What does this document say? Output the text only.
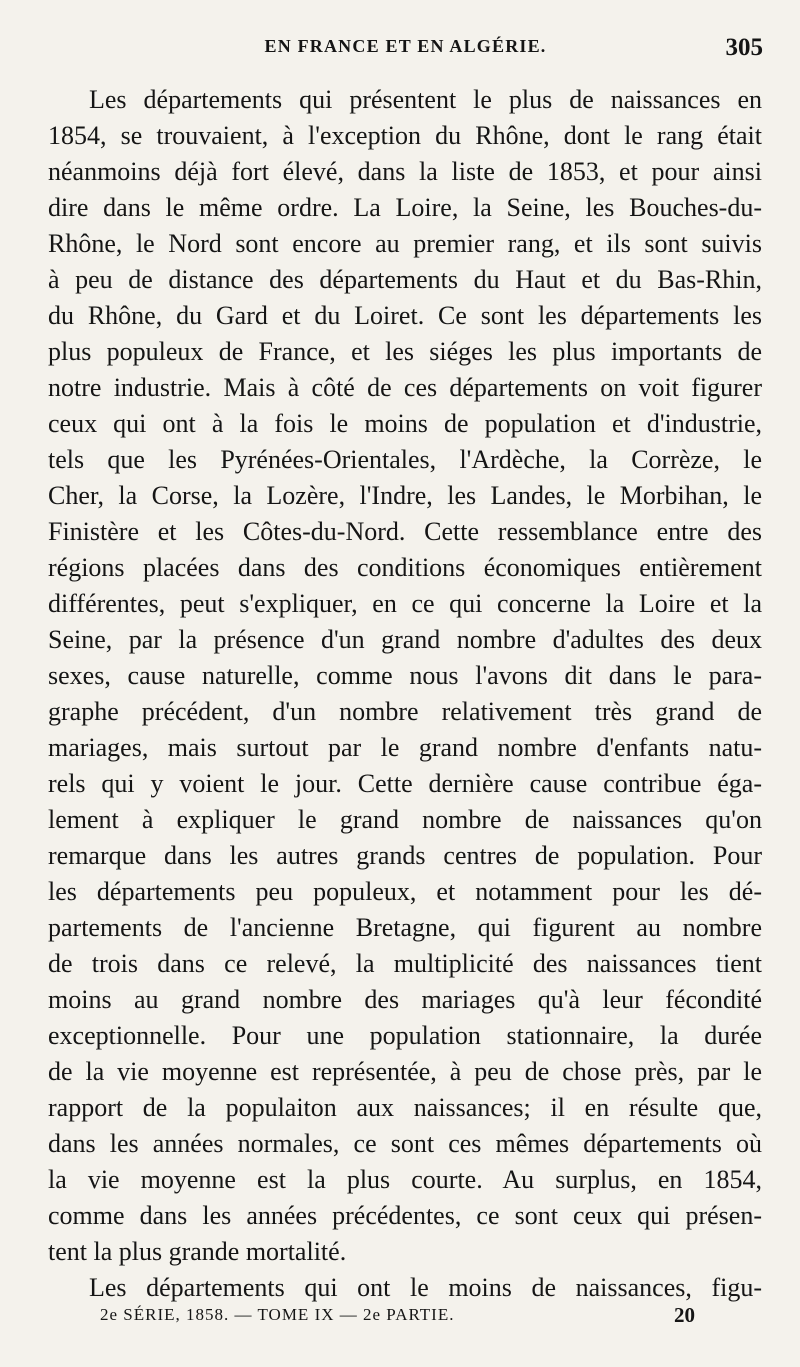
EN FRANCE ET EN ALGÉRIE.	305
Les départements qui présentent le plus de naissances en
1854, se trouvaient, à l'exception du Rhône, dont le rang était
néanmoins déjà fort élevé, dans la liste de 1853, et pour ainsi
dire dans le même ordre. La Loire, la Seine, les Bouches-du-
Rhône, le Nord sont encore au premier rang, et ils sont suivis
à peu de distance des départements du Haut et du Bas-Rhin,
du Rhône, du Gard et du Loiret. Ce sont les départements les
plus populeux de France, et les siéges les plus importants de
notre industrie. Mais à côté de ces départements on voit figurer
ceux qui ont à la fois le moins de population et d'industrie,
tels que les Pyrénées-Orientales, l'Ardèche, la Corrèze, le
Cher, la Corse, la Lozère, l'Indre, les Landes, le Morbihan, le
Finistère et les Côtes-du-Nord. Cette ressemblance entre des
régions placées dans des conditions économiques entièrement
différentes, peut s'expliquer, en ce qui concerne la Loire et la
Seine, par la présence d'un grand nombre d'adultes des deux
sexes, cause naturelle, comme nous l'avons dit dans le para-
graphe précédent, d'un nombre relativement très grand de
mariages, mais surtout par le grand nombre d'enfants natu-
rels qui y voient le jour. Cette dernière cause contribue éga-
lement à expliquer le grand nombre de naissances qu'on
remarque dans les autres grands centres de population. Pour
les départements peu populeux, et notamment pour les dé-
partements de l'ancienne Bretagne, qui figurent au nombre
de trois dans ce relevé, la multiplicité des naissances tient
moins au grand nombre des mariages qu'à leur fécondité
exceptionnelle. Pour une population stationnaire, la durée
de la vie moyenne est représentée, à peu de chose près, par le
rapport de la populaiton aux naissances; il en résulte que,
dans les années normales, ce sont ces mêmes départements où
la vie moyenne est la plus courte. Au surplus, en 1854,
comme dans les années précédentes, ce sont ceux qui présen-
tent la plus grande mortalité.
Les départements qui ont le moins de naissances, figu-
2e SÉRIE, 1858. — TOME IX — 2e PARTIE.	20
